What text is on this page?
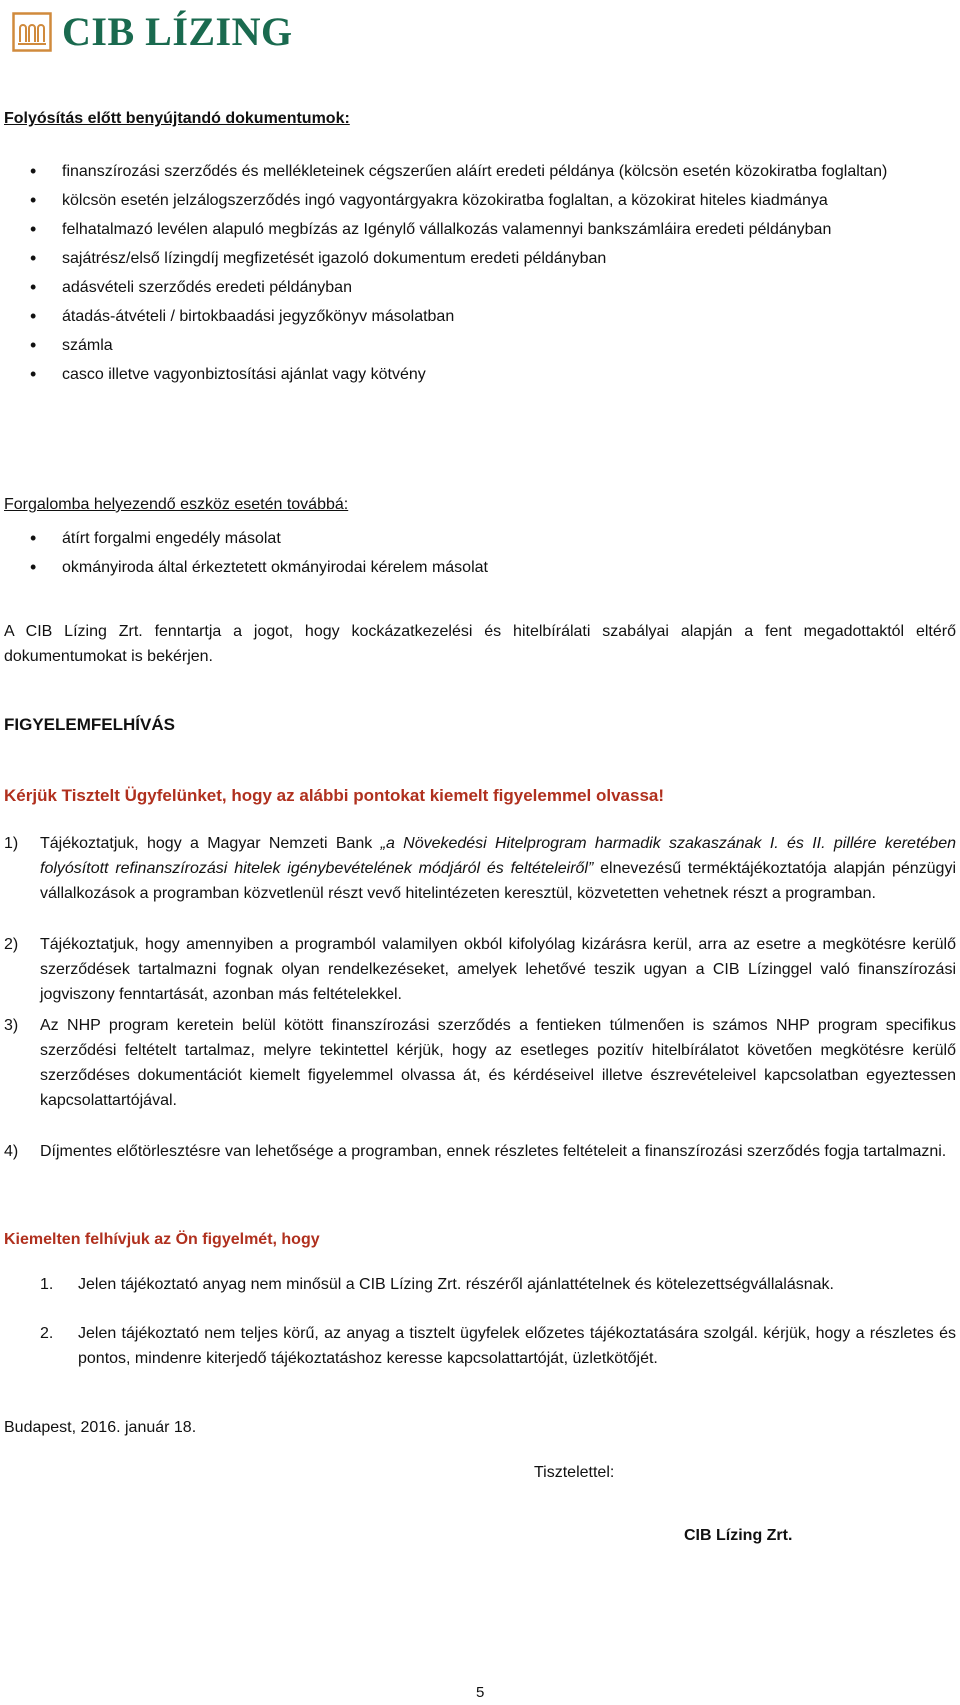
CIB LÍZING
Folyósítás előtt benyújtandó dokumentumok:
• finanszírozási szerződés és mellékleteinek cégszerűen aláírt eredeti példánya (kölcsön esetén közokiratba foglaltan)
• kölcsön esetén jelzálogszerződés ingó vagyontárgyakra közokiratba foglaltan, a közokirat hiteles kiadmánya
• felhatalmazó levélen alapuló megbízás az Igénylő vállalkozás valamennyi bankszámláira eredeti példányban
• sajátrész/első lízingdíj megfizetését igazoló dokumentum eredeti példányban
• adásvételi szerződés eredeti példányban
• átadás-átvételi / birtokbaadási jegyzőkönyv másolatban
• számla
• casco illetve vagyonbiztosítási ajánlat vagy kötvény
Forgalomba helyezendő eszköz esetén továbbá:
• átírt forgalmi engedély másolat
• okmányiroda által érkeztetett okmányirodai kérelem másolat

A CIB Lízing Zrt. fenntartja a jogot, hogy kockázatkezelési és hitelbírálati szabályai alapján a fent megadottaktól eltérő dokumentumokat is bekérjen.

FIGYELEMFELHÍVÁS
Kérjük Tisztelt Ügyfelünket, hogy az alábbi pontokat kiemelt figyelemmel olvassa!
1) Tájékoztatjuk, hogy a Magyar Nemzeti Bank „a Növekedési Hitelprogram harmadik szakaszának I. és II. pillére keretében folyósított refinanszírozási hitelek igénybevételének módjáról és feltételeiről” elnevezésű terméktájékoztatója alapján pénzügyi vállalkozások a programban közvetlenül részt vevő hitelintézeten keresztül, közvetetten vehetnek részt a programban.
2) Tájékoztatjuk, hogy amennyiben a programból valamilyen okból kifolyólag kizárásra kerül, arra az esetre a megkötésre kerülő szerződések tartalmazni fognak olyan rendelkezéseket, amelyek lehetővé teszik ugyan a CIB Lízinggel való finanszírozási jogviszony fenntartását, azonban más feltételekkel.
3) Az NHP program keretein belül kötött finanszírozási szerződés a fentieken túlmenően is számos NHP program specifikus szerződési feltételt tartalmaz, melyre tekintettel kérjük, hogy az esetleges pozitív hitelbírálatot követően megkötésre kerülő szerződéses dokumentációt kiemelt figyelemmel olvassa át, és kérdéseivel illetve észrevételeivel kapcsolatban egyeztessen kapcsolattartójával.
4) Díjmentes előtörlesztésre van lehetősége a programban, ennek részletes feltételeit a finanszírozási szerződés fogja tartalmazni.
Kiemelten felhívjuk az Ön figyelmét, hogy
1. Jelen tájékoztató anyag nem minősül a CIB Lízing Zrt. részéről ajánlattételnek és kötelezettségvállalásnak.
2. Jelen tájékoztató nem teljes körű, az anyag a tisztelt ügyfelek előzetes tájékoztatására szolgál. kérjük, hogy a részletes és pontos, mindenre kiterjedő tájékoztatáshoz keresse kapcsolattartóját, üzletkötőjét.
Budapest, 2016. január 18.
Tisztelettel:
CIB Lízing Zrt.
5
